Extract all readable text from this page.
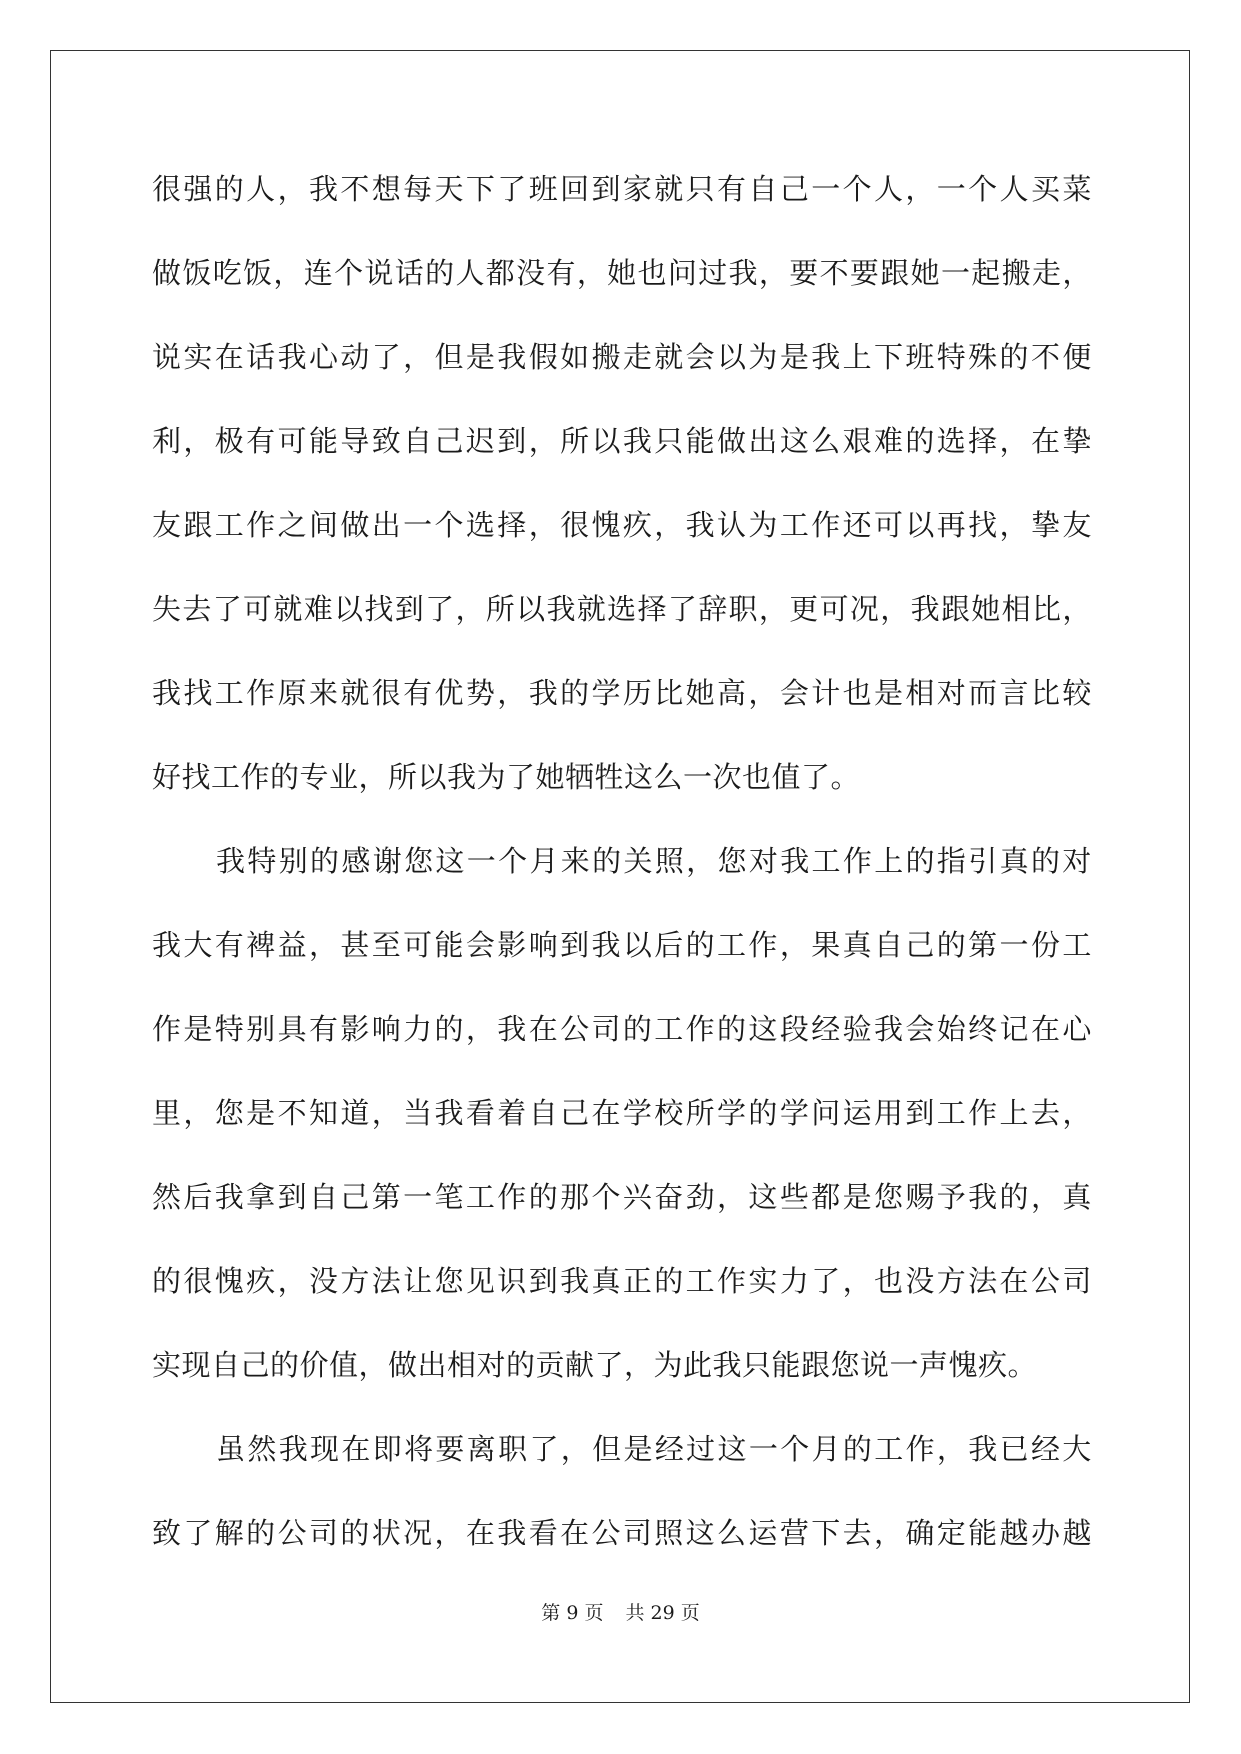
很 强 的 人 ， 我 不 想 每 天 下 了 班 回 到 家 就 只 有 自 己 一 个 人 ， 一 个 人 买 菜
做 饭 吃 饭 ， 连 个 说 话 的 人 都 没 有 ， 她 也 问 过 我 ， 要 不 要 跟 她 一 起 搬 走 ，
说 实 在 话 我 心 动 了 ， 但 是 我 假 如 搬 走 就 会 以 为 是 我 上 下 班 特 殊 的 不 便
利 ， 极 有 可 能 导 致 自 己 迟 到 ， 所 以 我 只 能 做 出 这 么 艰 难 的 选 择 ， 在 挚
友 跟 工 作 之 间 做 出 一 个 选 择 ， 很 愧 疚 ， 我 认 为 工 作 还 可 以 再 找 ， 挚 友
失 去 了 可 就 难 以 找 到 了 ， 所 以 我 就 选 择 了 辞 职 ， 更 可 况 ， 我 跟 她 相 比 ，
我 找 工 作 原 来 就 很 有 优 势 ， 我 的 学 历 比 她 高 ， 会 计 也 是 相 对 而 言 比 较
好找工作的专业，所以我为了她牺牲这么一次也值了。
我 特 别 的 感 谢 您 这 一 个 月 来 的 关 照 ， 您 对 我 工 作 上 的 指 引 真 的 对
我 大 有 裨 益 ， 甚 至 可 能 会 影 响 到 我 以 后 的 工 作 ， 果 真 自 己 的 第 一 份 工
作 是 特 别 具 有 影 响 力 的 ， 我 在 公 司 的 工 作 的 这 段 经 验 我 会 始 终 记 在 心
里 ， 您 是 不 知 道 ， 当 我 看 着 自 己 在 学 校 所 学 的 学 问 运 用 到 工 作 上 去 ，
然 后 我 拿 到 自 己 第 一 笔 工 作 的 那 个 兴 奋 劲 ， 这 些 都 是 您 赐 予 我 的 ， 真
的 很 愧 疚 ， 没 方 法 让 您 见 识 到 我 真 正 的 工 作 实 力 了 ， 也 没 方 法 在 公 司
实现自己的价值，做出相对的贡献了，为此我只能跟您说一声愧疚。
虽 然 我 现 在 即 将 要 离 职 了 ， 但 是 经 过 这 一 个 月 的 工 作 ， 我 已 经 大
致 了 解 的 公 司 的 状 况 ， 在 我 看 在 公 司 照 这 么 运 营 下 去 ， 确 定 能 越 办 越
第 9 页 共 29 页
